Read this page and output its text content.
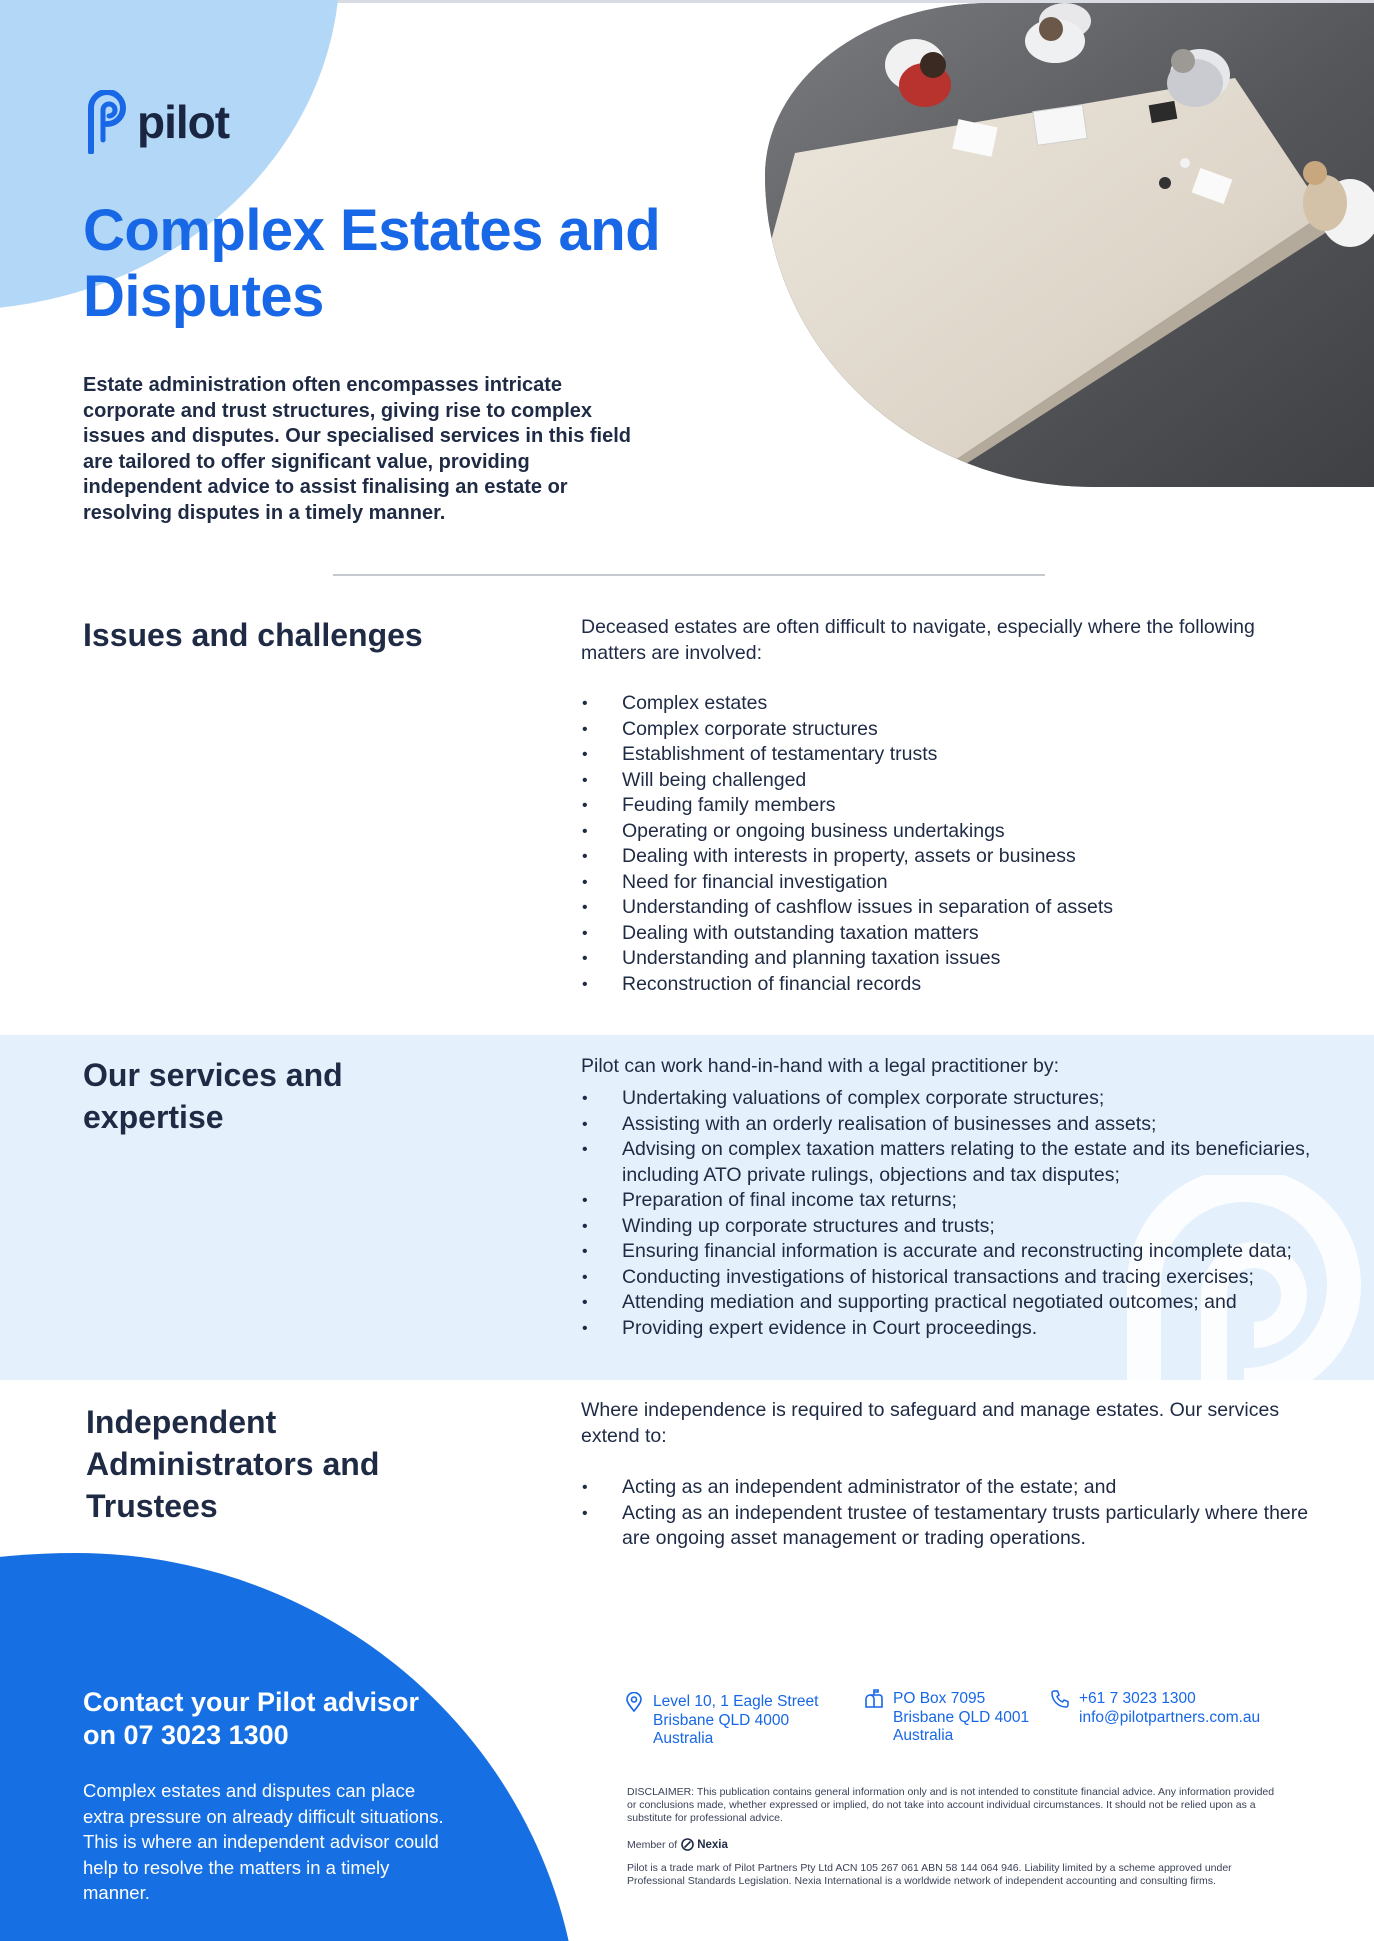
pilot
Complex Estates and Disputes

Estate administration often encompasses intricate corporate and trust structures, giving rise to complex issues and disputes. Our specialised services in this field are tailored to offer significant value, providing independent advice to assist finalising an estate or resolving disputes in a timely manner.

Issues and challenges	Deceased estates are often difficult to navigate, especially where the following matters are involved:

• Complex estates
• Complex corporate structures
• Establishment of testamentary trusts
• Will being challenged
• Feuding family members
• Operating or ongoing business undertakings
• Dealing with interests in property, assets or business
• Need for financial investigation
• Understanding of cashflow issues in separation of assets
• Dealing with outstanding taxation matters
• Understanding and planning taxation issues
• Reconstruction of financial records
Our services and expertise

Pilot can work hand-in-hand with a legal practitioner by:

• Undertaking valuations of complex corporate structures;
• Assisting with an orderly realisation of businesses and assets;
• Advising on complex taxation matters relating to the estate and its beneficiaries, including ATO private rulings, objections and tax disputes;
• Preparation of final income tax returns;
• Winding up corporate structures and trusts;
• Ensuring financial information is accurate and reconstructing incomplete data;
• Conducting investigations of historical transactions and tracing exercises;
• Attending mediation and supporting practical negotiated outcomes; and
• Providing expert evidence in Court proceedings.
Independent Administrators and Trustees

Where independence is required to safeguard and manage estates. Our services extend to:

• Acting as an independent administrator of the estate; and
• Acting as an independent trustee of testamentary trusts particularly where there are ongoing asset management or trading operations.
Contact your Pilot advisor on 07 3023 1300

Complex estates and disputes can place extra pressure on already difficult situations. This is where an independent advisor could help to resolve the matters in a timely manner.

Level 10, 1 Eagle Street
Brisbane QLD 4000
Australia
PO Box 7095
Brisbane QLD 4001
Australia
+61 7 3023 1300
info@pilotpartners.com.au

DISCLAIMER: This publication contains general information only and is not intended to constitute financial advice. Any information provided or conclusions made, whether expressed or implied, do not take into account individual circumstances. It should not be relied upon as a substitute for professional advice.

Member of Nexia

Pilot is a trade mark of Pilot Partners Pty Ltd ACN 105 267 061 ABN 58 144 064 946. Liability limited by a scheme approved under Professional Standards Legislation. Nexia International is a worldwide network of independent accounting and consulting firms.
